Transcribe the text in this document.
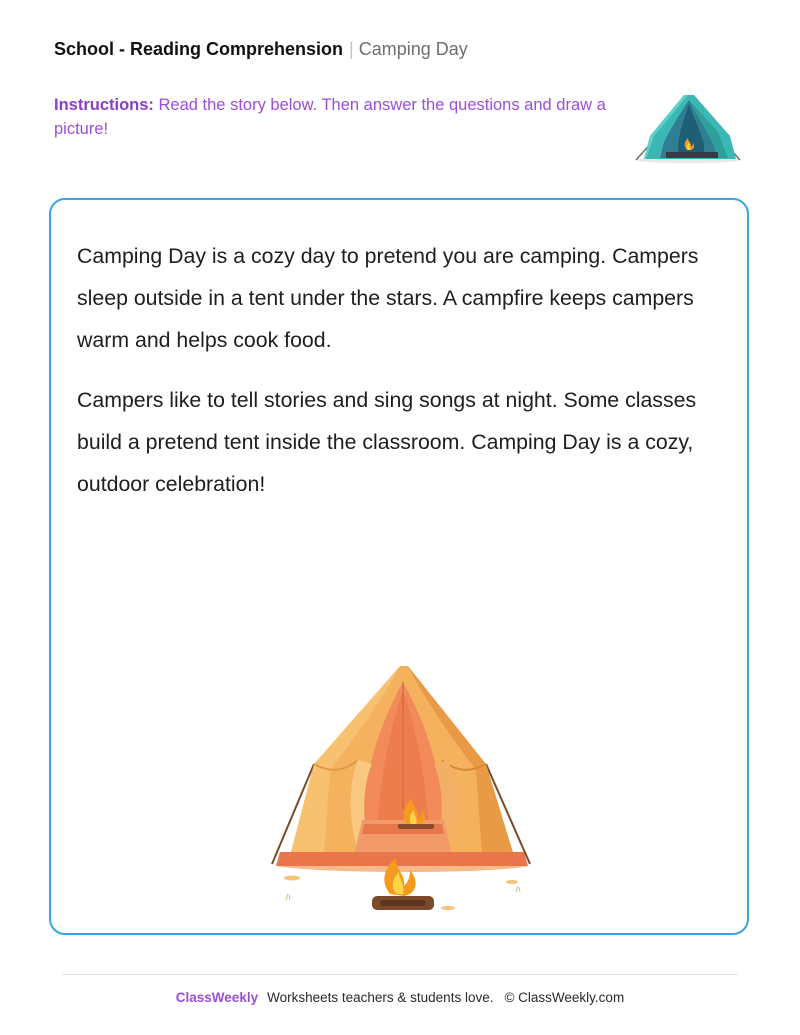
School - Reading Comprehension | Camping Day
Instructions: Read the story below. Then answer the questions and draw a picture!

Camping Day is a cozy day to pretend you are camping. Campers sleep outside in a tent under the stars. A campfire keeps campers warm and helps cook food.

Campers like to tell stories and sing songs at night. Some classes build a pretend tent inside the classroom. Camping Day is a cozy, outdoor celebration!

ClassWeekly Worksheets teachers & students love. © ClassWeekly.com
